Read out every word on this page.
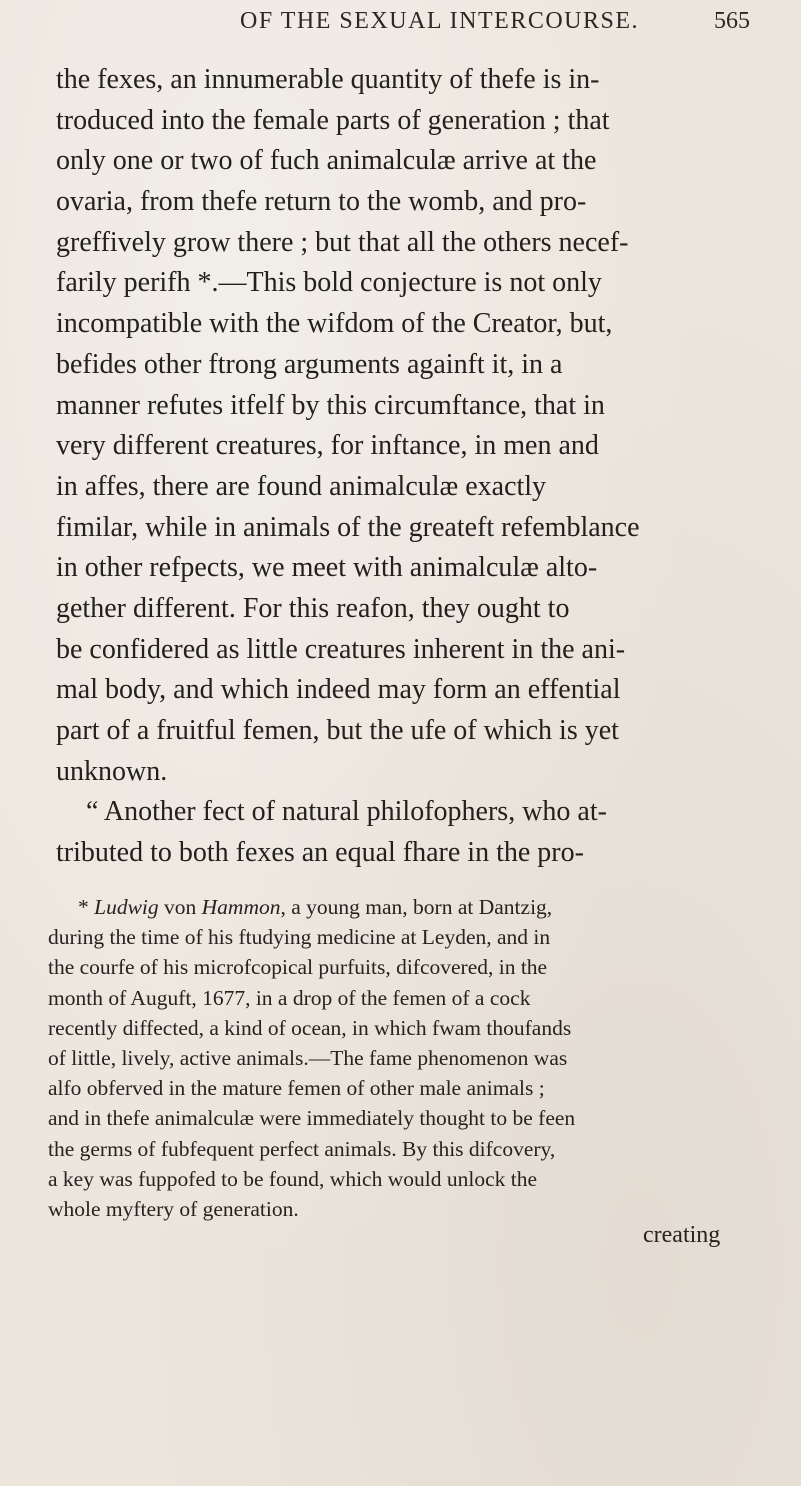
OF THE SEXUAL INTERCOURSE.	565
the fexes, an innumerable quantity of thefe is in-
troduced into the female parts of generation ; that
only one or two of fuch animalculæ arrive at the
ovaria, from thefe return to the womb, and pro-
greffively grow there ; but that all the others necef-
farily perifh *.—This bold conjecture is not only
incompatible with the wifdom of the Creator, but,
befides other ftrong arguments againft it, in a
manner refutes itfelf by this circumftance, that in
very different creatures, for inftance, in men and
in affes, there are found animalculæ exactly
fimilar, while in animals of the greateft refemblance
in other refpects, we meet with animalculæ alto-
gether different. For this reafon, they ought to
be confidered as little creatures inherent in the ani-
mal body, and which indeed may form an effential
part of a fruitful femen, but the ufe of which is yet
unknown.
“ Another fect of natural philofophers, who at-
tributed to both fexes an equal fhare in the pro-
* Ludwig von Hammon, a young man, born at Dantzig,
during the time of his ftudying medicine at Leyden, and in
the courfe of his microfcopical purfuits, difcovered, in the
month of Auguft, 1677, in a drop of the femen of a cock
recently diffected, a kind of ocean, in which fwam thoufands
of little, lively, active animals.—The fame phenomenon was
alfo obferved in the mature femen of other male animals ;
and in thefe animalculæ were immediately thought to be feen
the germs of fubfequent perfect animals. By this difcovery,
a key was fuppofed to be found, which would unlock the
whole myftery of generation.
creating
